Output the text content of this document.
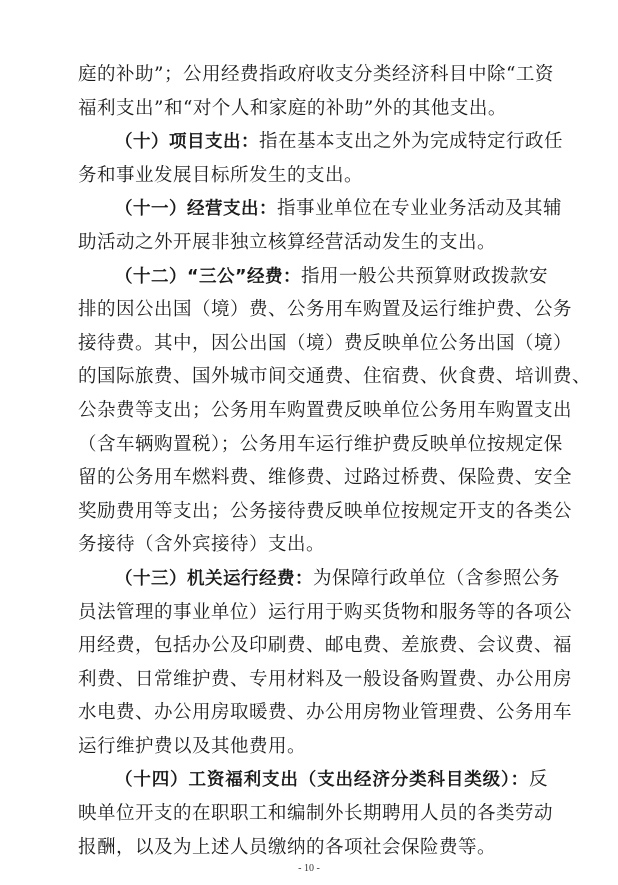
庭的补助”；公用经费指政府收支分类经济科目中除“工资
福利支出”和“对个人和家庭的补助”外的其他支出。
（十）项目支出：指在基本支出之外为完成特定行政任
务和事业发展目标所发生的支出。
（十一）经营支出：指事业单位在专业业务活动及其辅
助活动之外开展非独立核算经营活动发生的支出。
（十二）“三公”经费：指用一般公共预算财政拨款安
排的因公出国（境）费、公务用车购置及运行维护费、公务
接待费。其中，因公出国（境）费反映单位公务出国（境）
的国际旅费、国外城市间交通费、住宿费、伙食费、培训费、
公杂费等支出；公务用车购置费反映单位公务用车购置支出
（含车辆购置税）；公务用车运行维护费反映单位按规定保
留的公务用车燃料费、维修费、过路过桥费、保险费、安全
奖励费用等支出；公务接待费反映单位按规定开支的各类公
务接待（含外宾接待）支出。
（十三）机关运行经费：为保障行政单位（含参照公务
员法管理的事业单位）运行用于购买货物和服务等的各项公
用经费，包括办公及印刷费、邮电费、差旅费、会议费、福
利费、日常维护费、专用材料及一般设备购置费、办公用房
水电费、办公用房取暖费、办公用房物业管理费、公务用车
运行维护费以及其他费用。
（十四）工资福利支出（支出经济分类科目类级）：反
映单位开支的在职职工和编制外长期聘用人员的各类劳动
报酬，以及为上述人员缴纳的各项社会保险费等。
- 10 -
